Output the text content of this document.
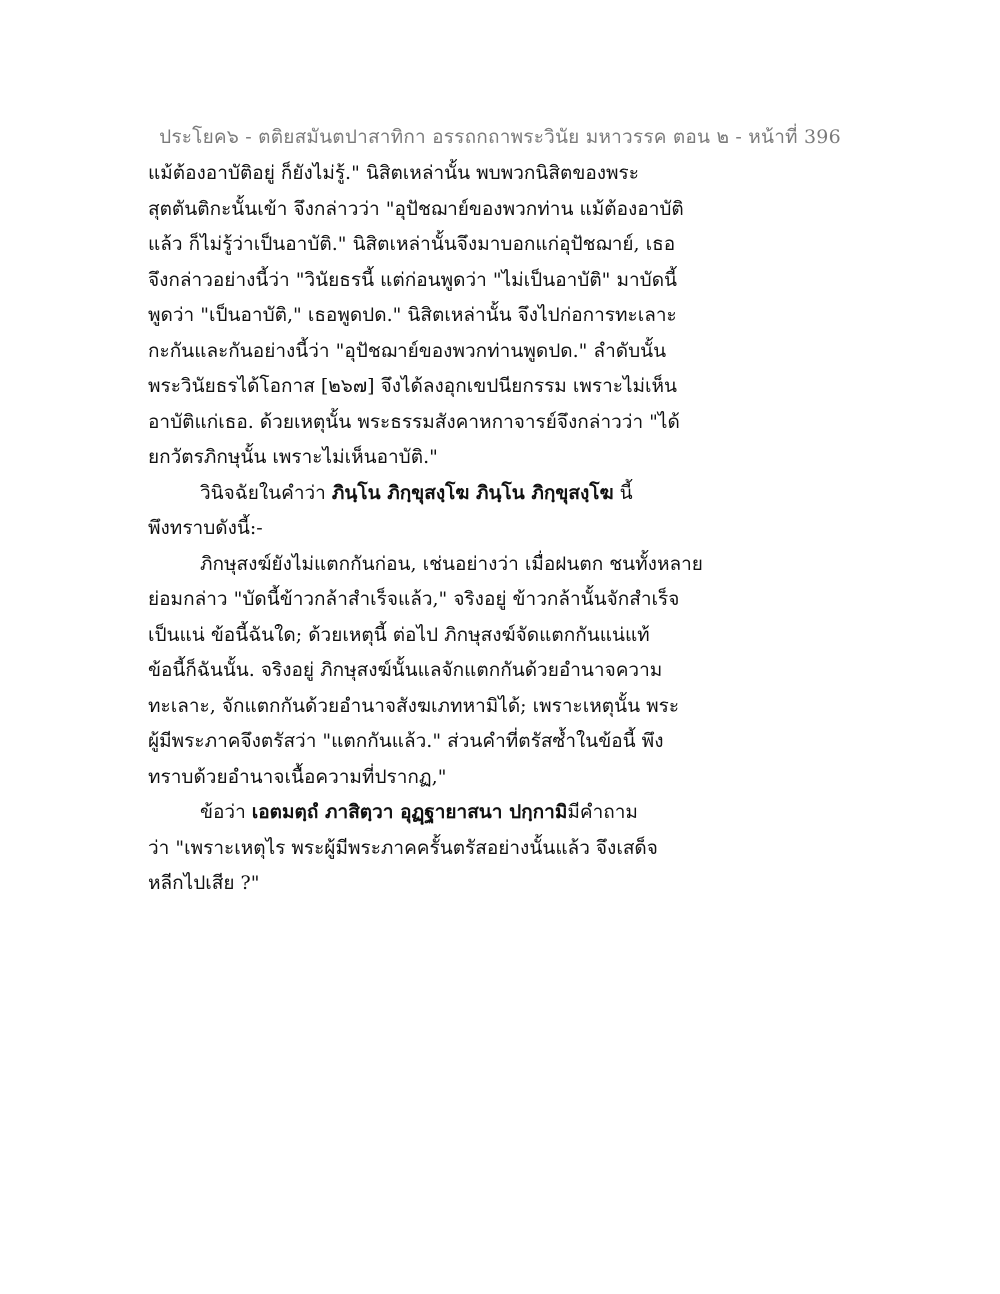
ประโยค๖ - ตติยสมันตปาสาทิกา อรรถกถาพระวินัย มหาวรรค ตอน ๒ - หน้าที่ 396
แม้ต้องอาบัติอยู่ ก็ยังไม่รู้." นิสิตเหล่านั้น พบพวกนิสิตของพระ
สุตตันติกะนั้นเข้า จึงกล่าวว่า "อุปัชฌาย์ของพวกท่าน แม้ต้องอาบัติ
แล้ว ก็ไม่รู้ว่าเป็นอาบัติ." นิสิตเหล่านั้นจึงมาบอกแก่อุปัชฌาย์, เธอ
จึงกล่าวอย่างนี้ว่า "วินัยธรนี้ แต่ก่อนพูดว่า "ไม่เป็นอาบัติ" มาบัดนี้
พูดว่า "เป็นอาบัติ," เธอพูดปด." นิสิตเหล่านั้น จึงไปก่อการทะเลาะ
กะกันและกันอย่างนี้ว่า "อุปัชฌาย์ของพวกท่านพูดปด." ลำดับนั้น
พระวินัยธรได้โอกาส [๒๖๗] จึงได้ลงอุกเขปนียกรรม เพราะไม่เห็น
อาบัติแก่เธอ. ด้วยเหตุนั้น พระธรรมสังคาหกาจารย์จึงกล่าวว่า "ได้
ยกวัตรภิกษุนั้น เพราะไม่เห็นอาบัติ."
วินิจฉัยในคำว่า ภินฺโน ภิกฺขุสงฺโฆ ภินฺโน ภิกฺขุสงฺโฆ นี้
พึงทราบดังนี้:-
ภิกษุสงฆ์ยังไม่แตกกันก่อน, เช่นอย่างว่า เมื่อฝนตก ชนทั้งหลาย
ย่อมกล่าว "บัดนี้ข้าวกล้าสำเร็จแล้ว," จริงอยู่ ข้าวกล้านั้นจักสำเร็จ
เป็นแน่ ข้อนี้ฉันใด; ด้วยเหตุนี้ ต่อไป ภิกษุสงฆ์จัดแตกกันแน่แท้
ข้อนี้ก็ฉันนั้น. จริงอยู่ ภิกษุสงฆ์นั้นแลจักแตกกันด้วยอำนาจความ
ทะเลาะ, จักแตกกันด้วยอำนาจสังฆเภทหามิได้; เพราะเหตุนั้น พระ
ผู้มีพระภาคจึงตรัสว่า "แตกกันแล้ว." ส่วนคำที่ตรัสซ้ำในข้อนี้ พึง
ทราบด้วยอำนาจเนื้อความที่ปรากฏ,"
ข้อว่า เอตมตฺถํ ภาสิตฺวา อุฏฺฐายาสนา ปกฺกามิมีคำถาม
ว่า "เพราะเหตุไร พระผู้มีพระภาคครั้นตรัสอย่างนั้นแล้ว จึงเสด็จ
หลีกไปเสีย ?"
